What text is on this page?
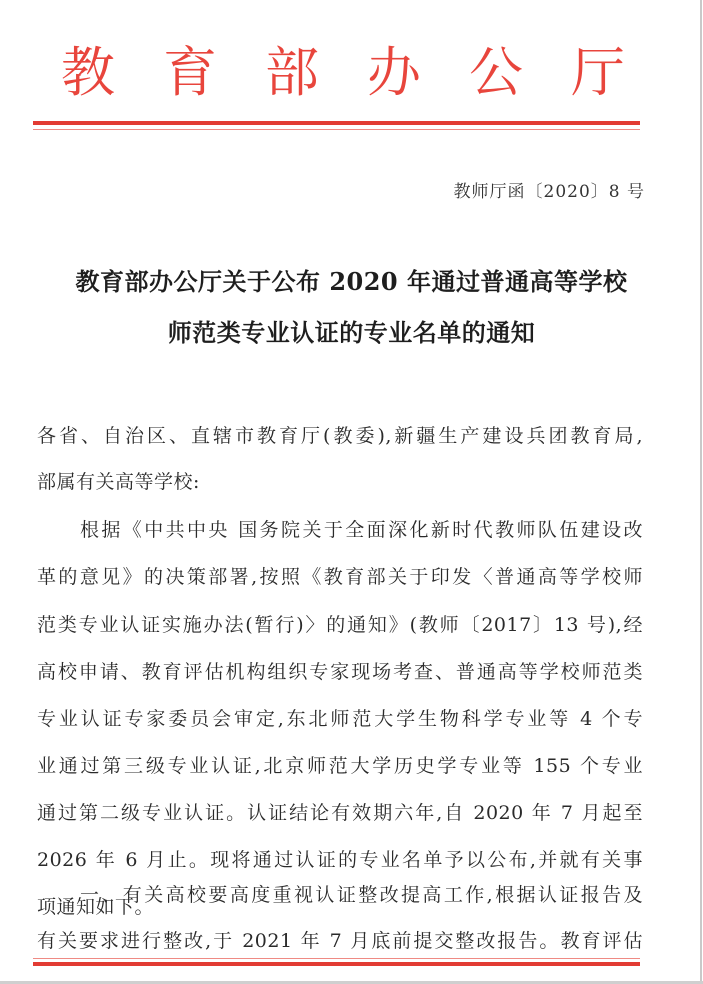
教 育 部 办 公 厅
教师厅函〔2020〕8 号
教育部办公厅关于公布 2020 年通过普通高等学校
师范类专业认证的专业名单的通知
各省、自治区、直辖市教育厅(教委),新疆生产建设兵团教育局,
部属有关高等学校:
根据《中共中央 国务院关于全面深化新时代教师队伍建设改
革的意见》的决策部署,按照《教育部关于印发〈普通高等学校师
范类专业认证实施办法(暂行)〉的通知》(教师〔2017〕13 号),经
高校申请、教育评估机构组织专家现场考查、普通高等学校师范类
专业认证专家委员会审定,东北师范大学生物科学专业等 4 个专
业通过第三级专业认证,北京师范大学历史学专业等 155 个专业
通过第二级专业认证。认证结论有效期六年,自 2020 年 7 月起至
2026 年 6 月止。现将通过认证的专业名单予以公布,并就有关事
项通知如下。
一、有关高校要高度重视认证整改提高工作,根据认证报告及
有关要求进行整改,于 2021 年 7 月底前提交整改报告。教育评估
